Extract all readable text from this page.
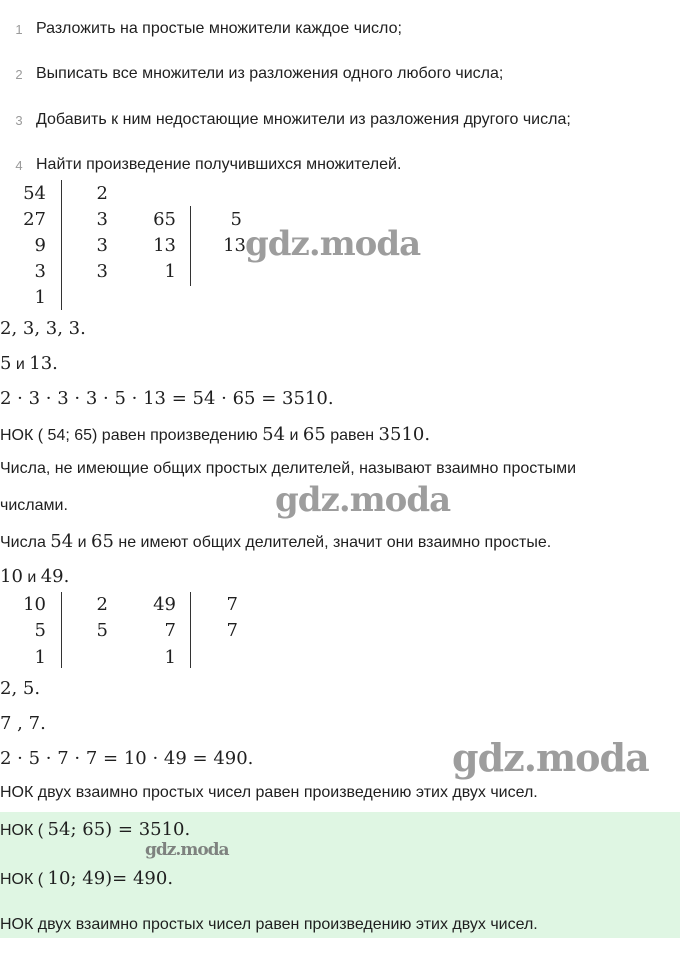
1 Разложить на простые множители каждое число;
2 Выписать все множители из разложения одного любого числа;
3 Добавить к ним недостающие множители из разложения другого числа;
4 Найти произведение получившихся множителей.
54
27
9
3
1
2
3
3
3
65
13
1
5
13 gdz.moda
2, 3, 3, 3.
5 и 13.
2 · 3 · 3 · 3 · 5 · 13 = 54 · 65 = 3510.
НОК ( 54; 65) равен произведению 54 и 65 равен 3510.
Числа, не имеющие общих простых делителей, называют взаимно простыми
числами.	gdz.moda
Числа 54 и 65 не имеют общих делителей, значит они взаимно простые.
10 и 49.
10
5
1
2
5
49
7
1
7
7
2, 5.
7 , 7.
2 · 5 · 7 · 7 = 10 · 49 = 490.	gdz.moda
НОК двух взаимно простых чисел равен произведению этих двух чисел.
НОК ( 54; 65) = 3510.
gdz.moda
НОК ( 10; 49)= 490.
НОК двух взаимно простых чисел равен произведению этих двух чисел.
